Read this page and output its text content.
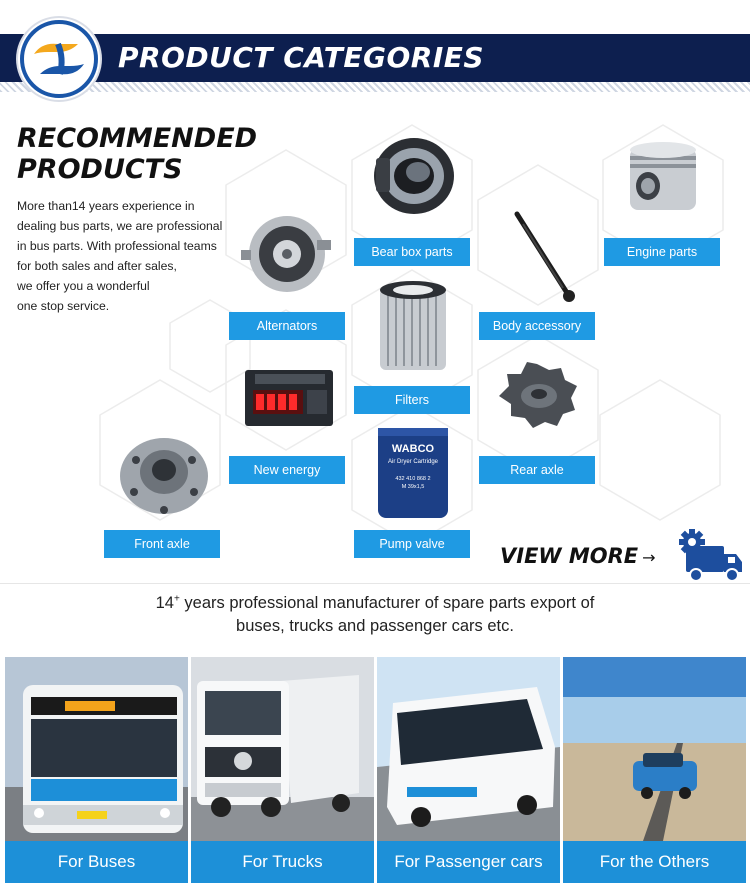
PRODUCT CATEGORIES
RECOMMENDED
PRODUCTS
More than14 years experience in
dealing bus parts, we are professional
in bus parts. With professional teams
for both sales and after sales,
we offer you a wonderful
one stop service.
Bear box parts	Engine parts
Alternators	Body accessory
Filters
New energy	Rear axle
Front axle
WABCO
Air Dryer Cartridge
432 410 868 2
M 39x1,5
Pump valve	VIEW MORE →
14+ years professional manufacturer of spare parts export of
buses, trucks and passenger cars etc.
For Buses	For Trucks	For Passenger cars	For the Others
